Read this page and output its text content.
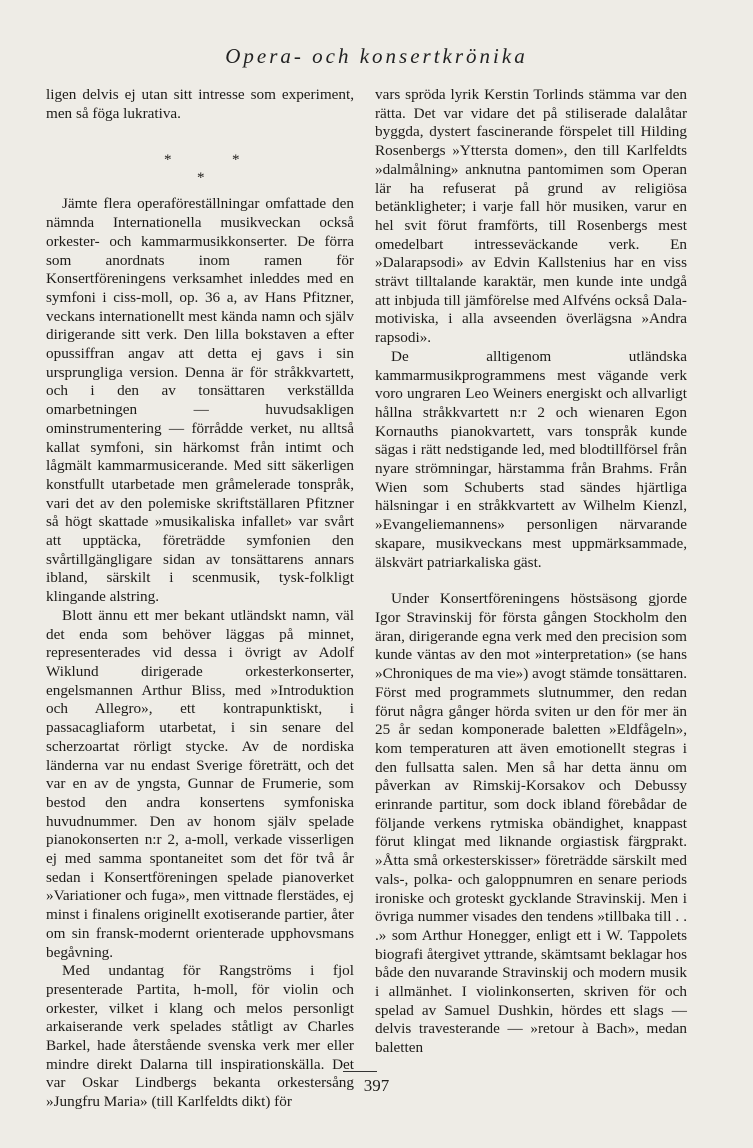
Opera- och konsertkrönika

ligen delvis ej utan sitt intresse som experiment, men så föga lukrativa.

*	*
*

Jämte flera operaföreställningar omfattade den nämnda Internationella musikveckan också orkester- och kammarmusikkonserter. De förra som anordnats inom ramen för Konsertföreningens verksamhet inleddes med en symfoni i ciss-moll, op. 36 a, av Hans Pfitzner, veckans internationellt mest kända namn och själv dirigerande sitt verk. Den lilla bokstaven a efter opussiffran angav att detta ej gavs i sin ursprungliga version. Denna är för stråkkvartett, och i den av tonsättaren verkställda omarbetningen — huvudsakligen ominstrumentering — förrådde verket, nu alltså kallat symfoni, sin härkomst från intimt och lågmält kammarmusicerande. Med sitt säkerligen konstfullt utarbetade men gråmelerade tonspråk, vari det av den polemiske skriftställaren Pfitzner så högt skattade »musikaliska infallet» var svårt att upptäcka, företrädde symfonien den svårtillgängligare sidan av tonsättarens annars ibland, särskilt i scenmusik, tysk-folkligt klingande alstring.

Blott ännu ett mer bekant utländskt namn, väl det enda som behöver läggas på minnet, representerades vid dessa i övrigt av Adolf Wiklund dirigerade orkesterkonserter, engelsmannen Arthur Bliss, med »Introduktion och Allegro», ett kontrapunktiskt, i passacagliaform utarbetat, i sin senare del scherzoartat rörligt stycke. Av de nordiska länderna var nu endast Sverige företrätt, och det var en av de yngsta, Gunnar de Frumerie, som bestod den andra konsertens symfoniska huvudnummer. Den av honom själv spelade pianokonserten n:r 2, a-moll, verkade visserligen ej med samma spontaneitet som det för två år sedan i Konsertföreningen spelade pianoverket »Variationer och fuga», men vittnade flerstädes, ej minst i finalens originellt exotiserande partier, åter om sin fransk-modernt orienterade upphovsmans begåvning.

Med undantag för Rangströms i fjol presenterade Partita, h-moll, för violin och orkester, vilket i klang och melos personligt arkaiserande verk spelades ståtligt av Charles Barkel, hade återstående svenska verk mer eller mindre direkt Dalarna till inspirationskälla. Det var Oskar Lindbergs bekanta orkestersång »Jungfru Maria» (till Karlfeldts dikt) för

vars spröda lyrik Kerstin Torlinds stämma var den rätta. Det var vidare det på stiliserade dalalåtar byggda, dystert fascinerande förspelet till Hilding Rosenbergs »Yttersta domen», den till Karlfeldts »dalmålning» anknutna pantomimen som Operan lär ha refuserat på grund av religiösa betänkligheter; i varje fall hör musiken, varur en hel svit förut framförts, till Rosenbergs mest omedelbart intresseväckande verk. En »Dalarapsodi» av Edvin Kallstenius har en viss strävt tilltalande karaktär, men kunde inte undgå att inbjuda till jämförelse med Alfvéns också Dala-motiviska, i alla avseenden överlägsna »Andra rapsodi».

De alltigenom utländska kammarmusikprogrammens mest vägande verk voro ungraren Leo Weiners energiskt och allvarligt hållna stråkkvartett n:r 2 och wienaren Egon Kornauths pianokvartett, vars tonspråk kunde sägas i rätt nedstigande led, med blodtillförsel från nyare strömningar, härstamma från Brahms. Från Wien som Schuberts stad sändes hjärtliga hälsningar i en stråkkvartett av Wilhelm Kienzl, »Evangeliemannens» personligen närvarande skapare, musikveckans mest uppmärksammade, älskvärt patriarkaliska gäst.

Under Konsertföreningens höstsäsong gjorde Igor Stravinskij för första gången Stockholm den äran, dirigerande egna verk med den precision som kunde väntas av den mot »interpretation» (se hans »Chroniques de ma vie») avogt stämde tonsättaren. Först med programmets slutnummer, den redan förut några gånger hörda sviten ur den för mer än 25 år sedan komponerade baletten »Eldfågeln», kom temperaturen att även emotionellt stegras i den fullsatta salen. Men så har detta ännu om påverkan av Rimskij-Korsakov och Debussy erinrande partitur, som dock ibland förebådar de följande verkens rytmiska obändighet, knappast förut klingat med liknande orgiastisk färgprakt. »Åtta små orkesterskisser» företrädde särskilt med vals-, polka- och galoppnumren en senare periods ironiske och groteskt gycklande Stravinskij. Men i övriga nummer visades den tendens »tillbaka till . . .» som Arthur Honegger, enligt ett i W. Tappolets biografi återgivet yttrande, skämtsamt beklagar hos både den nuvarande Stravinskij och modern musik i allmänhet. I violinkonserten, skriven för och spelad av Samuel Dushkin, hördes ett slags — delvis travesterande — »retour à Bach», medan baletten

397
